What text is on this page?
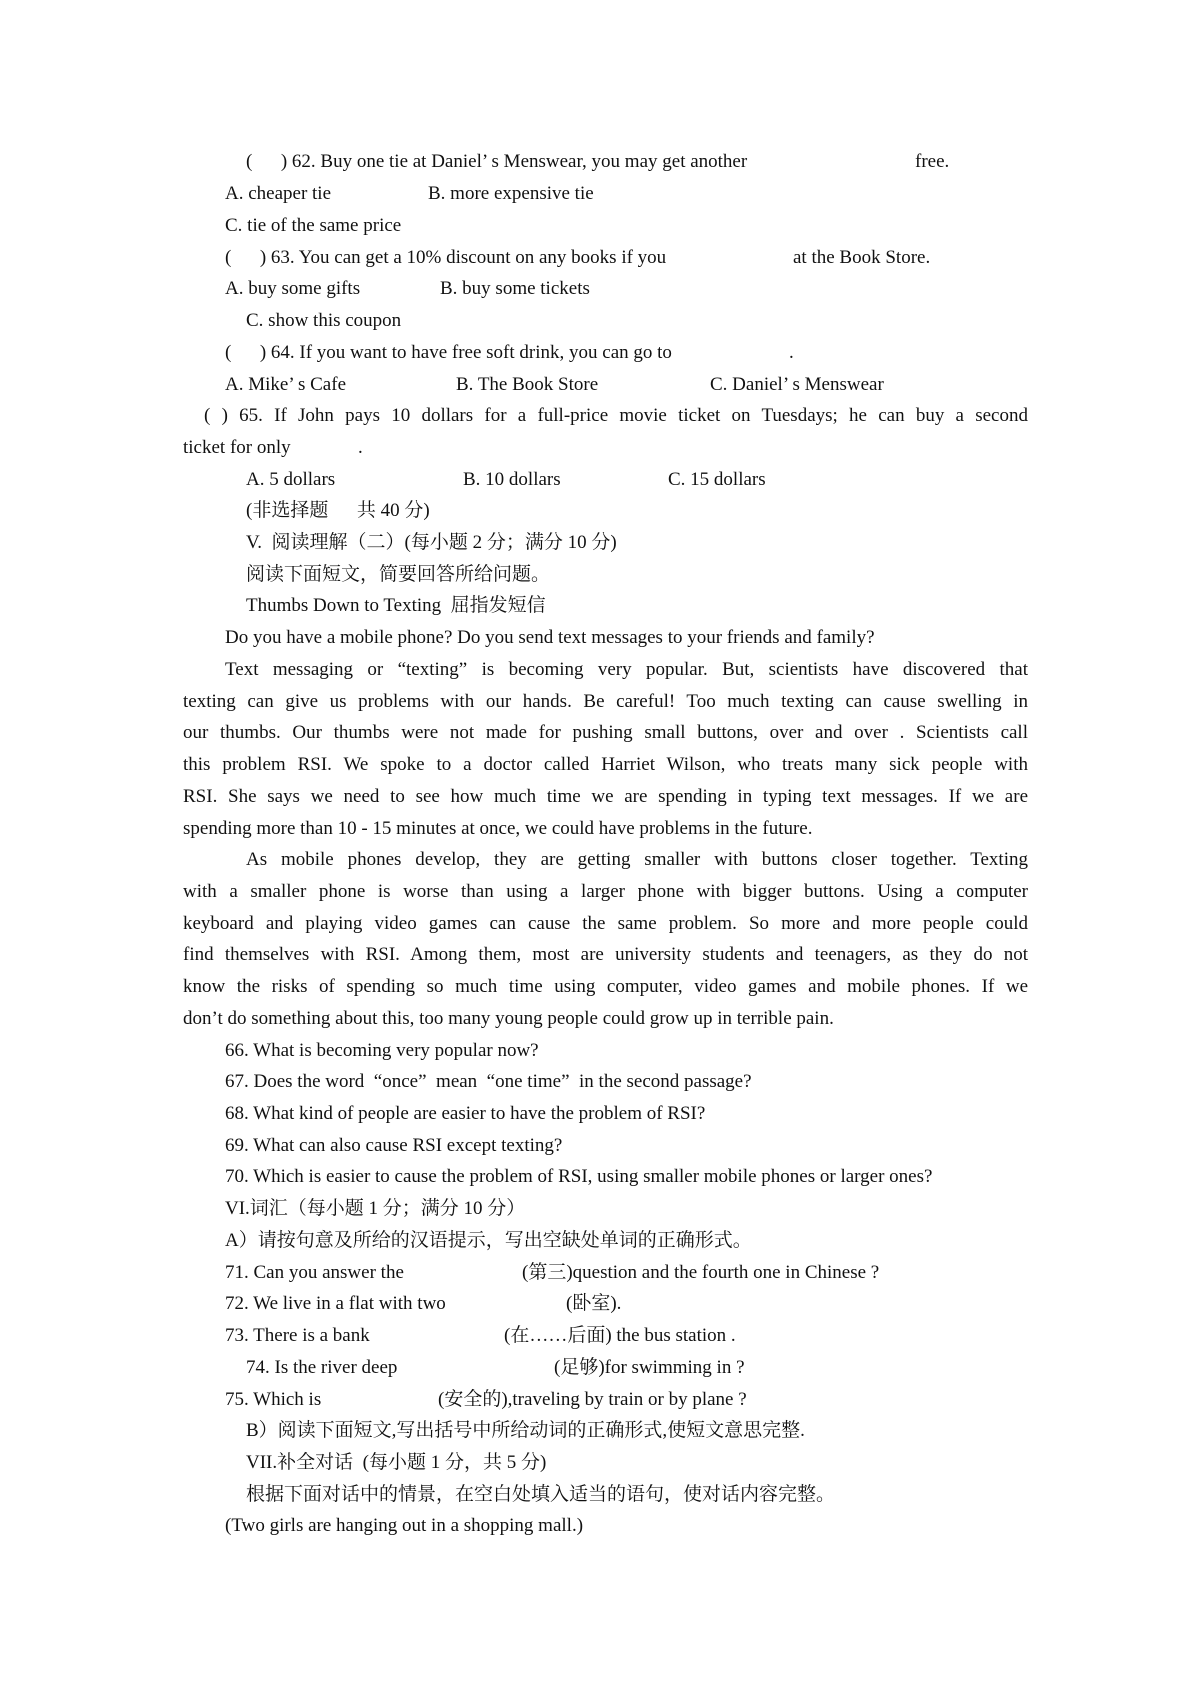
(      ) 62. Buy one tie at Daniel’ s Menswear, you may get another	free.
A. cheaper tie	B. more expensive tie
C. tie of the same price
(      ) 63. You can get a 10% discount on any books if you	at the Book Store.
A. buy some gifts	B. buy some tickets
C. show this coupon
(      ) 64. If you want to have free soft drink, you can go to	.
A. Mike’ s Cafe	B. The Book Store	C. Daniel’ s Menswear
( ) 65. If John pays 10 dollars for a full-price movie ticket on Tuesdays; he can buy a second
ticket for only	.
A. 5 dollars	B. 10 dollars	C. 15 dollars
(非选择题      共 40 分)
V.  阅读理解（二）(每小题 2 分；满分 10 分)
阅读下面短文，简要回答所给问题。
Thumbs Down to Texting  屈指发短信
Do you have a mobile phone? Do you send text messages to your friends and family?
Text messaging or “texting” is becoming very popular. But, scientists have discovered that
texting can give us problems with our hands. Be careful! Too much texting can cause swelling in
our thumbs. Our thumbs were not made for pushing small buttons, over and over . Scientists call
this problem RSI. We spoke to a doctor called Harriet Wilson, who treats many sick people with
RSI. She says we need to see how much time we are spending in typing text messages. If we are
spending more than 10 - 15 minutes at once, we could have problems in the future.
As mobile phones develop, they are getting smaller with buttons closer together. Texting
with a smaller phone is worse than using a larger phone with bigger buttons. Using a computer
keyboard and playing video games can cause the same problem. So more and more people could
find themselves with RSI. Among them, most are university students and teenagers, as they do not
know the risks of spending so much time using computer, video games and mobile phones. If we
don’t do something about this, too many young people could grow up in terrible pain.
66. What is becoming very popular now?
67. Does the word  “once”  mean  “one time”  in the second passage?
68. What kind of people are easier to have the problem of RSI?
69. What can also cause RSI except texting?
70. Which is easier to cause the problem of RSI, using smaller mobile phones or larger ones?
VI.词汇（每小题 1 分；满分 10 分）
A）请按句意及所给的汉语提示，写出空缺处单词的正确形式。
71. Can you answer the	(第三)question and the fourth one in Chinese ?
72. We live in a flat with two	(卧室).
73. There is a bank	(在……后面) the bus station .
74. Is the river deep	(足够)for swimming in ?
75. Which is	(安全的),traveling by train or by plane ?
B）阅读下面短文,写出括号中所给动词的正确形式,使短文意思完整.
VII.补全对话  (每小题 1 分，共 5 分)
根据下面对话中的情景，在空白处填入适当的语句，使对话内容完整。
(Two girls are hanging out in a shopping mall.)
